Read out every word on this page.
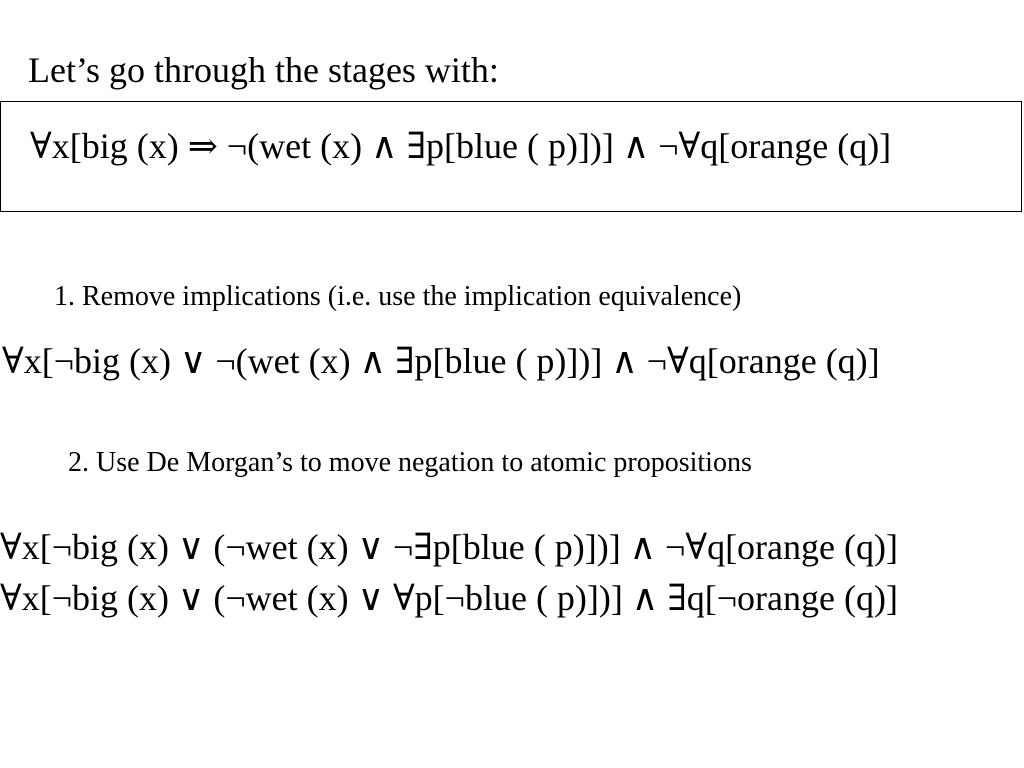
Let’s go through the stages with:
∀x[big (x) ⇒ ¬(wet (x) ∧ ∃p[blue ( p)])] ∧ ¬∀q[orange (q)]
1. Remove implications (i.e. use the implication equivalence)
∀x[¬big (x) ∨ ¬(wet (x) ∧ ∃p[blue ( p)])] ∧ ¬∀q[orange (q)]
2. Use De Morgan’s to move negation to atomic propositions
∀x[¬big (x) ∨ (¬wet (x) ∨ ¬∃p[blue ( p)])] ∧ ¬∀q[orange (q)]
∀x[¬big (x) ∨ (¬wet (x) ∨ ∀p[¬blue ( p)])] ∧ ∃q[¬orange (q)]
